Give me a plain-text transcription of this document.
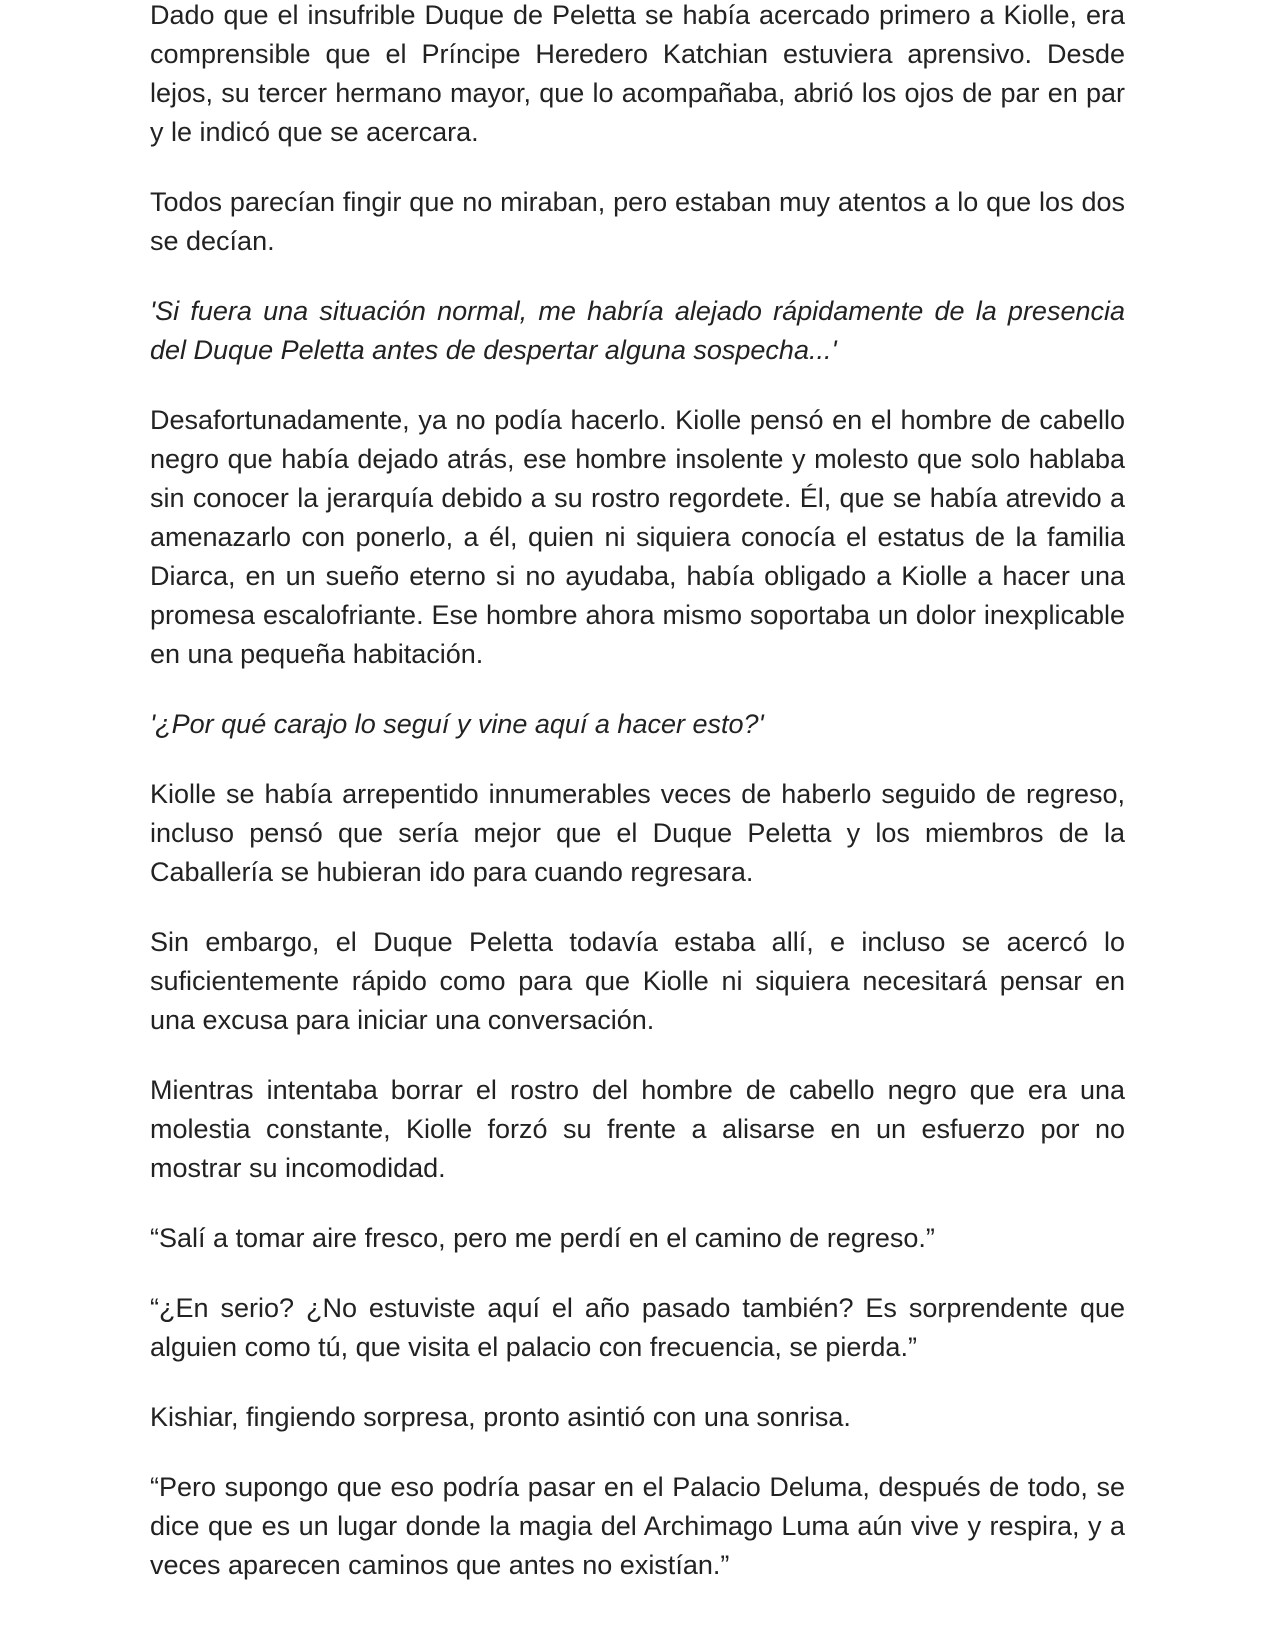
Dado que el insufrible Duque de Peletta se había acercado primero a Kiolle, era comprensible que el Príncipe Heredero Katchian estuviera aprensivo. Desde lejos, su tercer hermano mayor, que lo acompañaba, abrió los ojos de par en par y le indicó que se acercara.

Todos parecían fingir que no miraban, pero estaban muy atentos a lo que los dos se decían.

'Si fuera una situación normal, me habría alejado rápidamente de la presencia del Duque Peletta antes de despertar alguna sospecha...'

Desafortunadamente, ya no podía hacerlo. Kiolle pensó en el hombre de cabello negro que había dejado atrás, ese hombre insolente y molesto que solo hablaba sin conocer la jerarquía debido a su rostro regordete. Él, que se había atrevido a amenazarlo con ponerlo, a él, quien ni siquiera conocía el estatus de la familia Diarca, en un sueño eterno si no ayudaba, había obligado a Kiolle a hacer una promesa escalofriante. Ese hombre ahora mismo soportaba un dolor inexplicable en una pequeña habitación.

'¿Por qué carajo lo seguí y vine aquí a hacer esto?'

Kiolle se había arrepentido innumerables veces de haberlo seguido de regreso, incluso pensó que sería mejor que el Duque Peletta y los miembros de la Caballería se hubieran ido para cuando regresara.

Sin embargo, el Duque Peletta todavía estaba allí, e incluso se acercó lo suficientemente rápido como para que Kiolle ni siquiera necesitará pensar en una excusa para iniciar una conversación.

Mientras intentaba borrar el rostro del hombre de cabello negro que era una molestia constante, Kiolle forzó su frente a alisarse en un esfuerzo por no mostrar su incomodidad.

“Salí a tomar aire fresco, pero me perdí en el camino de regreso.”

“¿En serio? ¿No estuviste aquí el año pasado también? Es sorprendente que alguien como tú, que visita el palacio con frecuencia, se pierda.”

Kishiar, fingiendo sorpresa, pronto asintió con una sonrisa.

“Pero supongo que eso podría pasar en el Palacio Deluma, después de todo, se dice que es un lugar donde la magia del Archimago Luma aún vive y respira, y a veces aparecen caminos que antes no existían.”
